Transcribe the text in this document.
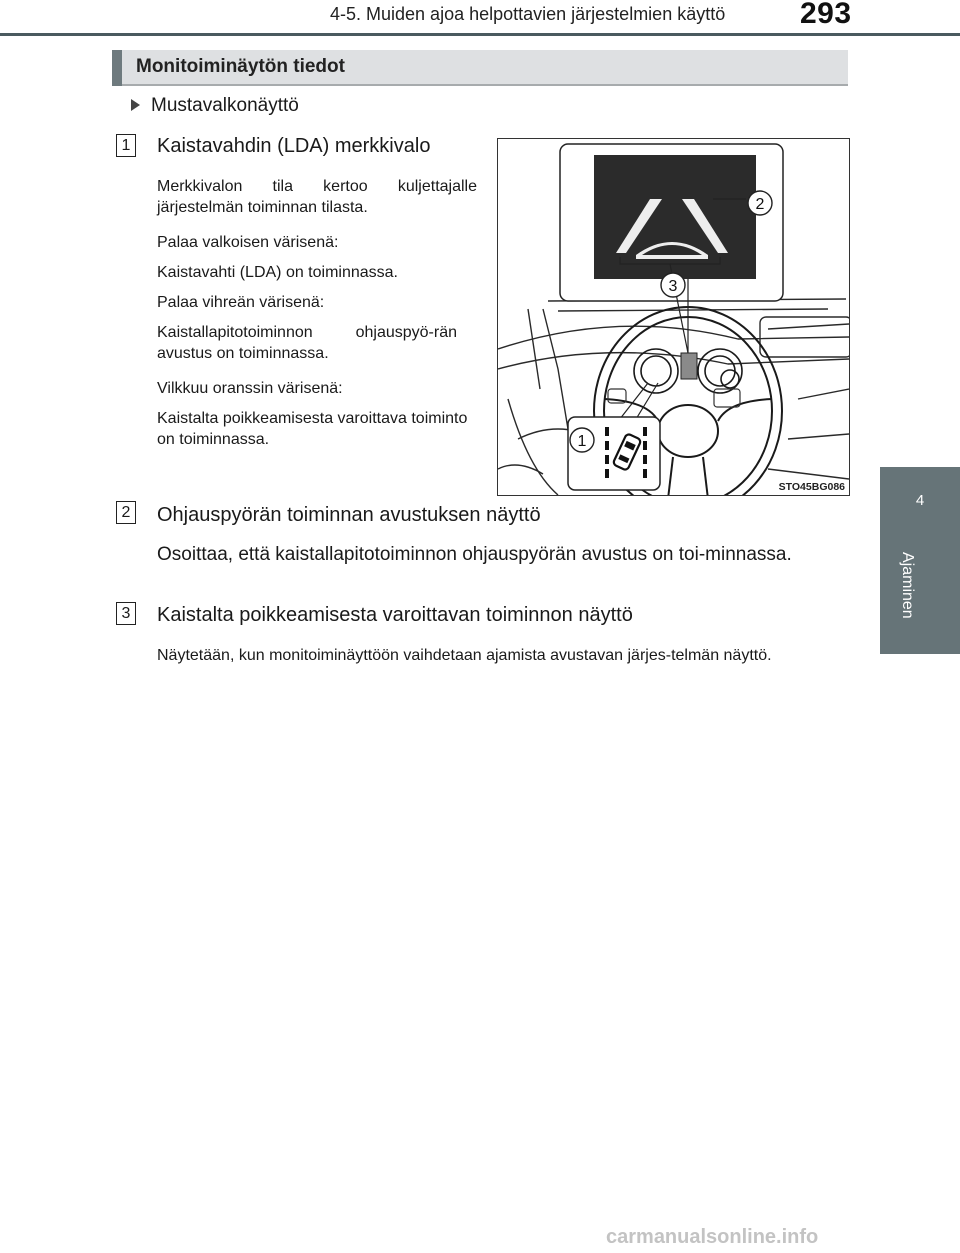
4-5. Muiden ajoa helpottavien järjestelmien käyttö 293
4
Ajaminen
Monitoiminäytön tiedot
Mustavalkonäyttö
1 Kaistavahdin (LDA) merkkivalo
Merkkivalon tila kertoo kuljettajalle järjestelmän toiminnan tilasta.
Palaa valkoisen värisenä:
Kaistavahti (LDA) on toiminnassa.
Palaa vihreän värisenä:
Kaistallapitotoiminnon ohjauspyö-rän avustus on toiminnassa.
Vilkkuu oranssin värisenä:
Kaistalta poikkeamisesta varoittava toiminto on toiminnassa.
2
3
1
STO45BG086
2 Ohjauspyörän toiminnan avustuksen näyttö
Osoittaa, että kaistallapitotoiminnon ohjauspyörän avustus on toi-minnassa.
3 Kaistalta poikkeamisesta varoittavan toiminnon näyttö
Näytetään, kun monitoiminäyttöön vaihdetaan ajamista avustavan järjes-telmän näyttö.
carmanualsonline.info
